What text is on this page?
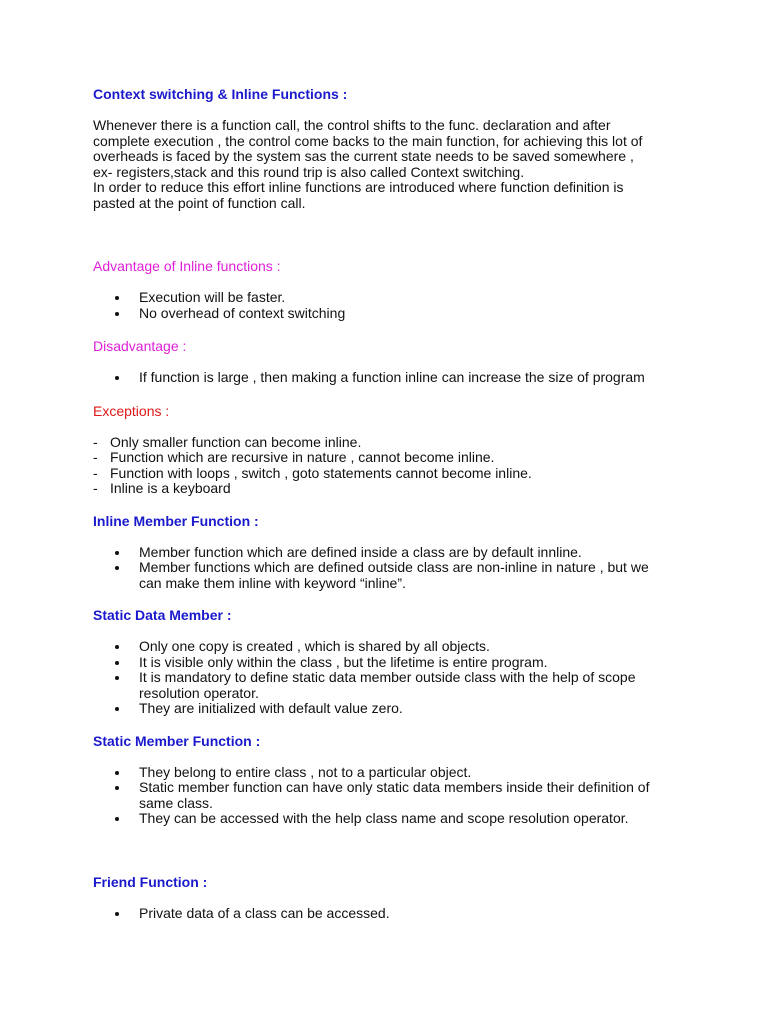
Context switching & Inline Functions :

Whenever there is a function call, the control shifts to the func. declaration and after
complete execution , the control come backs to the main function, for achieving this lot of
overheads is faced by the system sas the current state needs to be saved somewhere ,
ex- registers,stack and this round trip is also called Context switching.
In order to reduce this effort inline functions are introduced where function definition is
pasted at the point of function call.

Advantage of Inline functions :
Execution will be faster.
No overhead of context switching
Disadvantage :
If function is large , then making a function inline can increase the size of program
Exceptions :
- Only smaller function can become inline.
- Function which are recursive in nature , cannot become inline.
- Function with loops , switch , goto statements cannot become inline.
- Inline is a keyboard
Inline Member Function :
Member function which are defined inside a class are by default innline.
Member functions which are defined outside class are non-inline in nature , but we
can make them inline with keyword “inline”.
Static Data Member :
Only one copy is created , which is shared by all objects.
It is visible only within the class , but the lifetime is entire program.
It is mandatory to define static data member outside class with the help of scope
resolution operator.
They are initialized with default value zero.
Static Member Function :
They belong to entire class , not to a particular object.
Static member function can have only static data members inside their definition of
same class.
They can be accessed with the help class name and scope resolution operator.
Friend Function :
Private data of a class can be accessed.
